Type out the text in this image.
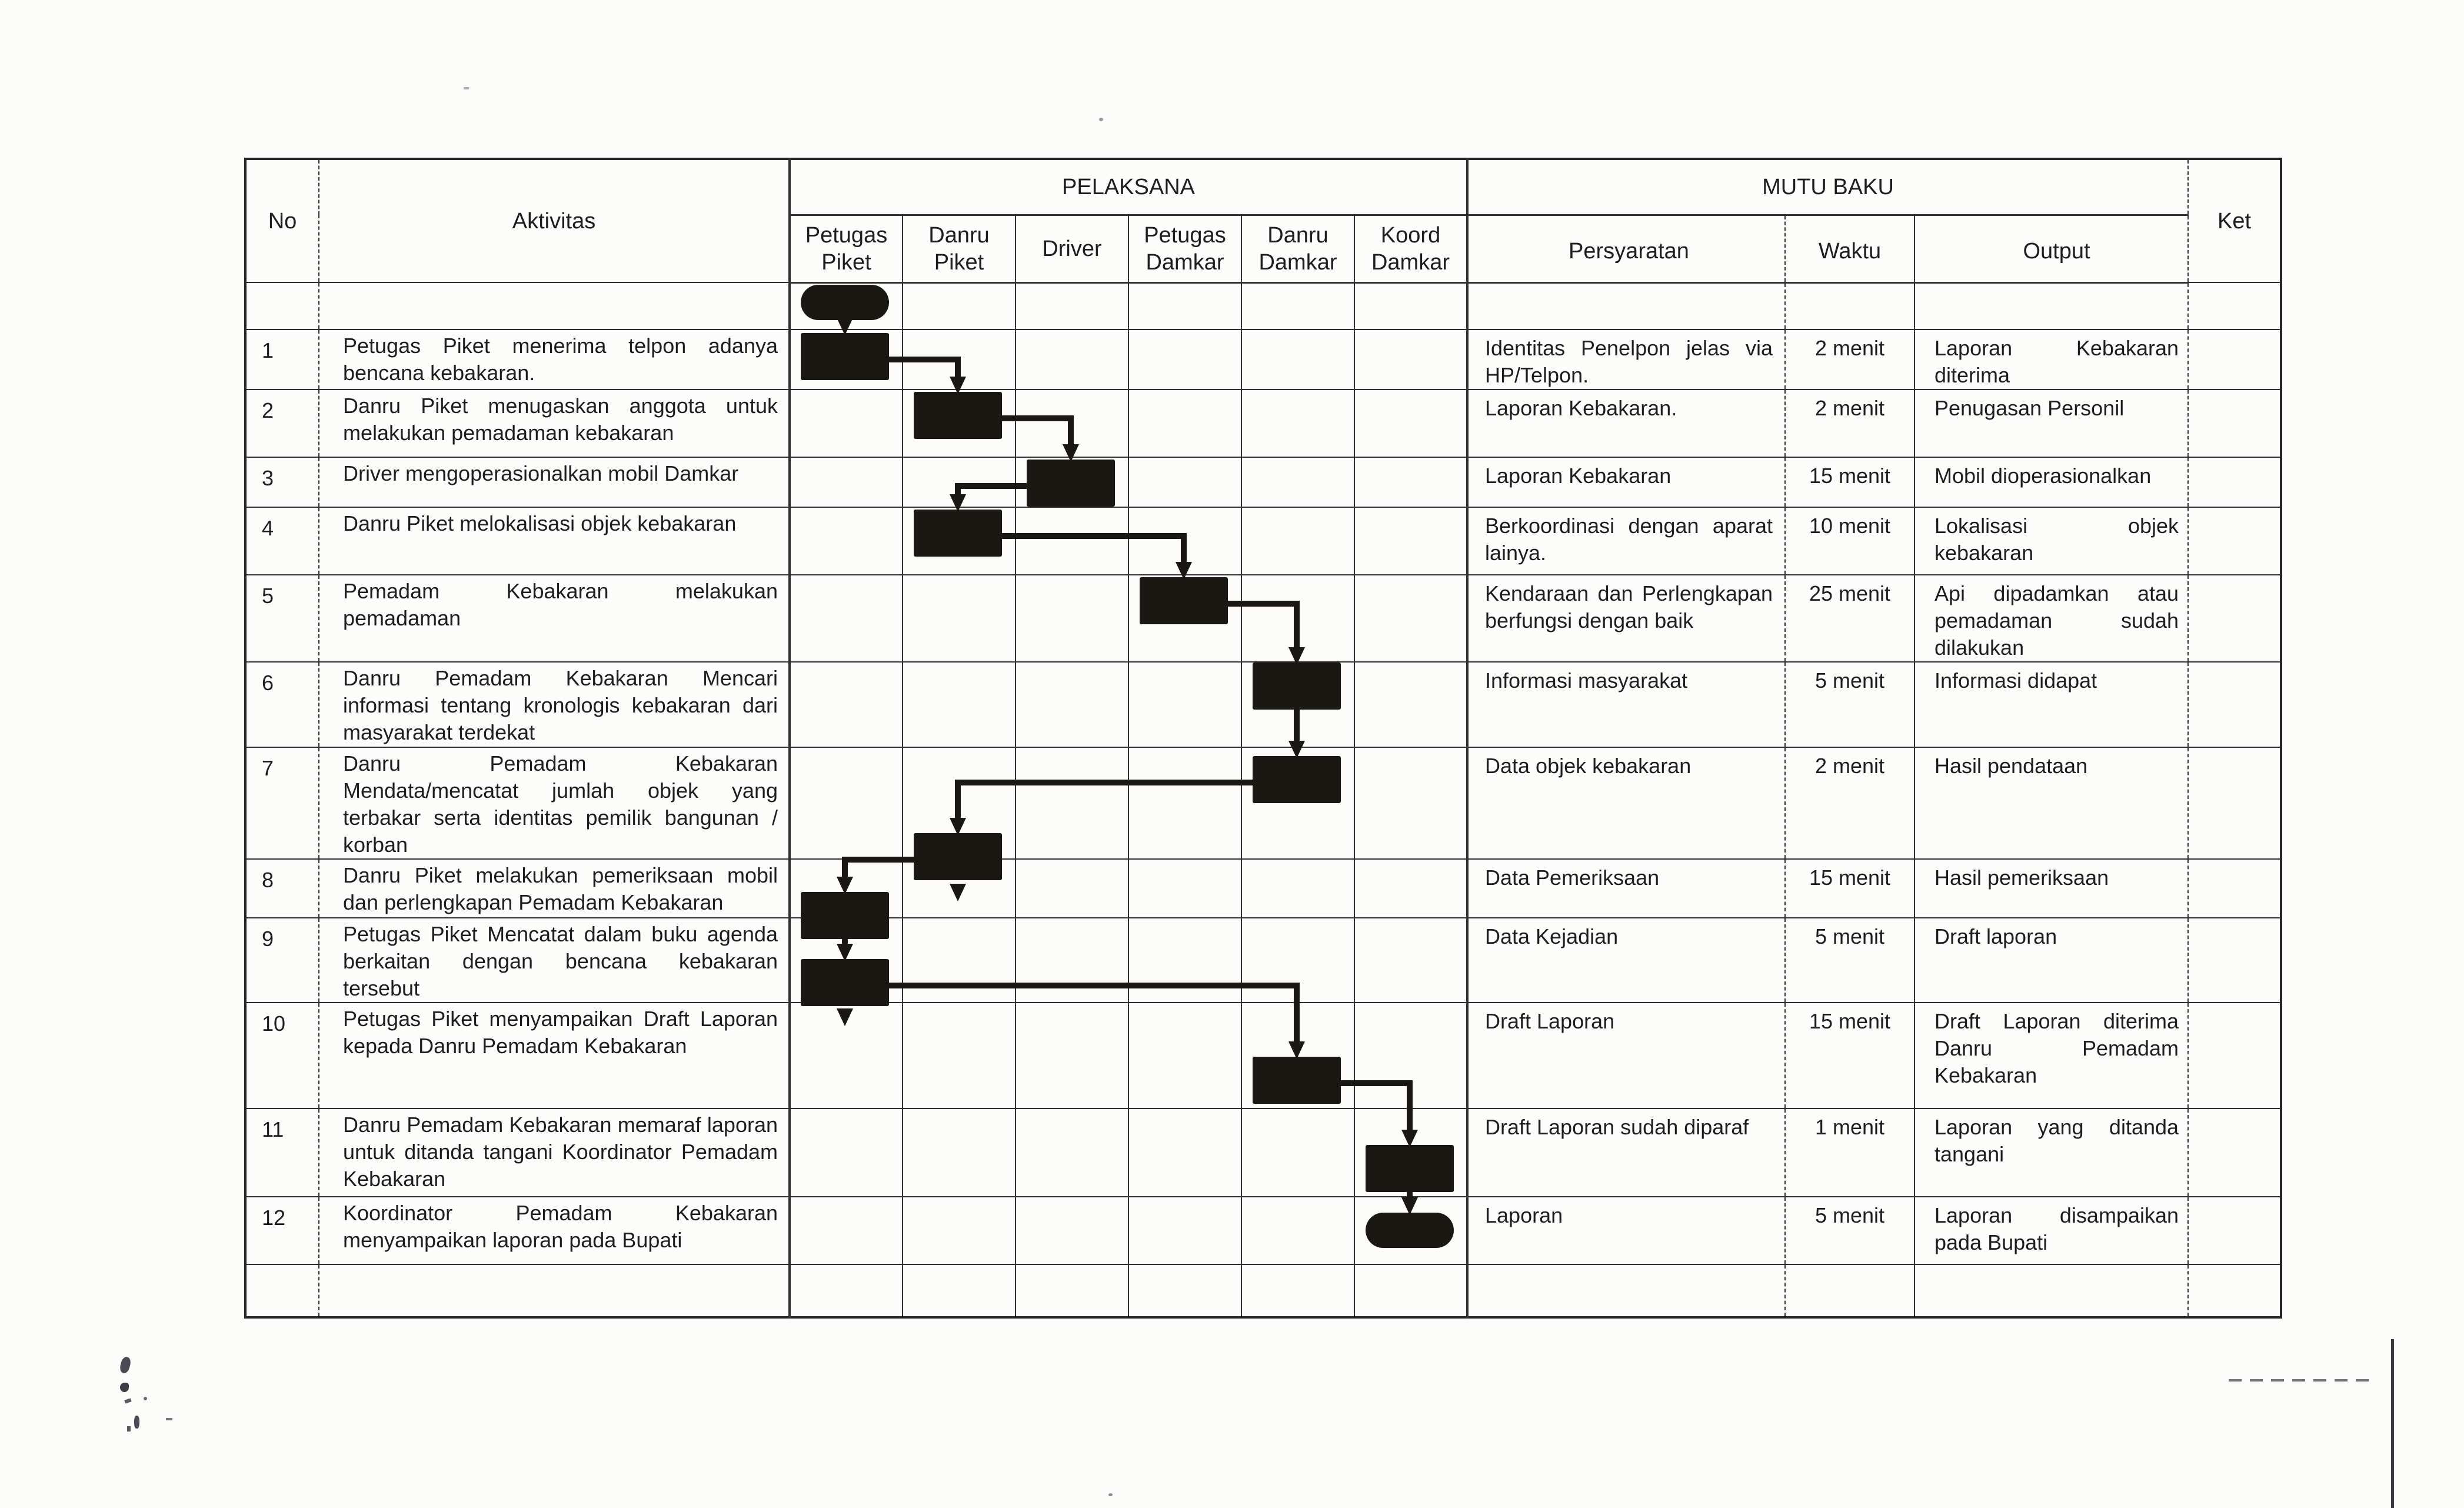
No	Aktivitas	PELAKSANA						MUTU BAKU			Ket
		Petugas Piket	Danru Piket	Driver	Petugas Damkar	Danru Damkar	Koord Damkar	Persyaratan	Waktu	Output	

1	Petugas Piket menerima telpon adanya bencana kebakaran.							Identitas Penelpon jelas via HP/Telpon.	2 menit	Laporan Kebakaran diterima	
2	Danru Piket menugaskan anggota untuk melakukan pemadaman kebakaran							Laporan Kebakaran.	2 menit	Penugasan Personil	
3	Driver mengoperasionalkan mobil Damkar							Laporan Kebakaran	15 menit	Mobil dioperasionalkan	
4	Danru Piket melokalisasi objek kebakaran							Berkoordinasi dengan aparat lainya.	10 menit	Lokalisasi objek kebakaran	
5	Pemadam Kebakaran melakukan pemadaman							Kendaraan dan Perlengkapan berfungsi dengan baik	25 menit	Api dipadamkan atau pemadaman sudah dilakukan	
6	Danru Pemadam Kebakaran Mencari informasi tentang kronologis kebakaran dari masyarakat terdekat							Informasi masyarakat	5 menit	Informasi didapat	
7	Danru Pemadam Kebakaran Mendata/mencatat jumlah objek yang terbakar serta identitas pemilik bangunan / korban							Data objek kebakaran	2 menit	Hasil pendataan	
8	Danru Piket melakukan pemeriksaan mobil dan perlengkapan Pemadam Kebakaran							Data Pemeriksaan	15 menit	Hasil pemeriksaan	
9	Petugas Piket Mencatat dalam buku agenda berkaitan dengan bencana kebakaran tersebut							Data Kejadian	5 menit	Draft laporan	
10	Petugas Piket menyampaikan Draft Laporan kepada Danru Pemadam Kebakaran							Draft Laporan	15 menit	Draft Laporan diterima Danru Pemadam Kebakaran	
11	Danru Pemadam Kebakaran memaraf laporan untuk ditanda tangani Koordinator Pemadam Kebakaran							Draft Laporan sudah diparaf	1 menit	Laporan yang ditanda tangani	
12	Koordinator Pemadam Kebakaran menyampaikan laporan pada Bupati							Laporan	5 menit	Laporan disampaikan pada Bupati	
